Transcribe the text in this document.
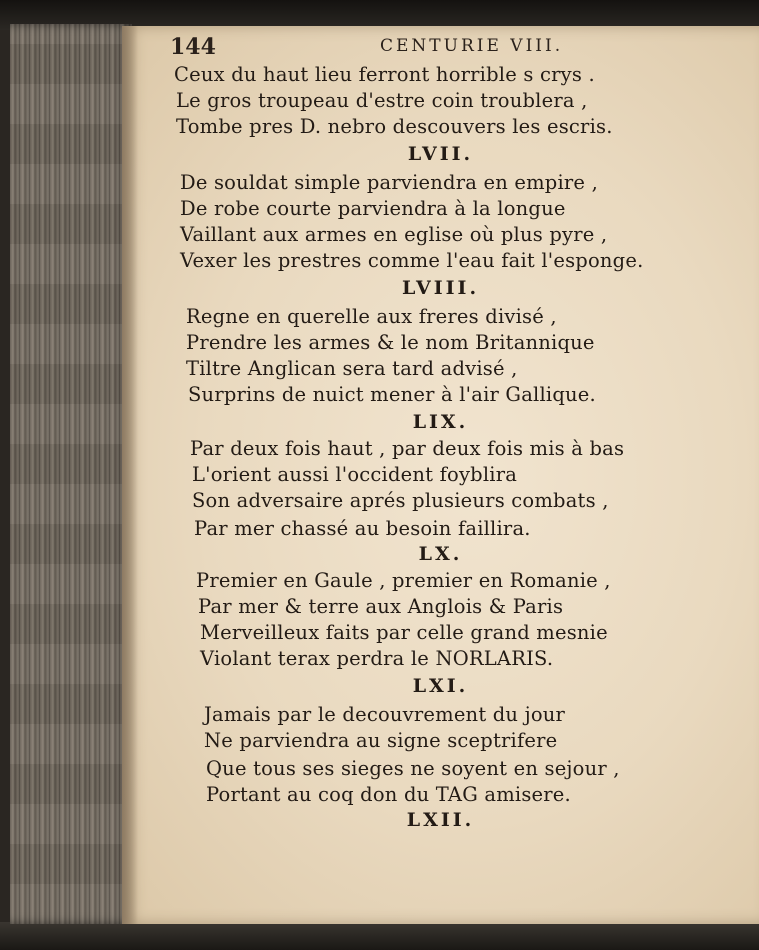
144	CENTURIE VIII.
Ceux du haut lieu ferront horrible s crys .
Le gros troupeau d'estre coin troublera ,
Tombe pres D. nebro descouvers les escris.
LVII.
De souldat simple parviendra en empire ,
De robe courte parviendra à la longue
Vaillant aux armes en eglise où plus pyre ,
Vexer les prestres comme l'eau fait l'esponge.
LVIII.
Regne en querelle aux freres divisé ,
Prendre les armes & le nom Britannique
Tiltre Anglican sera tard advisé ,
Surprins de nuict mener à l'air Gallique.
LIX.
Par deux fois haut , par deux fois mis à bas
L'orient aussi l'occident foyblira
Son adversaire aprés plusieurs combats ,
Par mer chassé au besoin faillira.
LX.
Premier en Gaule , premier en Romanie ,
Par mer & terre aux Anglois & Paris
Merveilleux faits par celle grand mesnie
Violant terax perdra le NORLARIS.
LXI.
Jamais par le decouvrement du jour
Ne parviendra au signe sceptrifere
Que tous ses sieges ne soyent en sejour ,
Portant au coq don du TAG amisere.
LXII.
